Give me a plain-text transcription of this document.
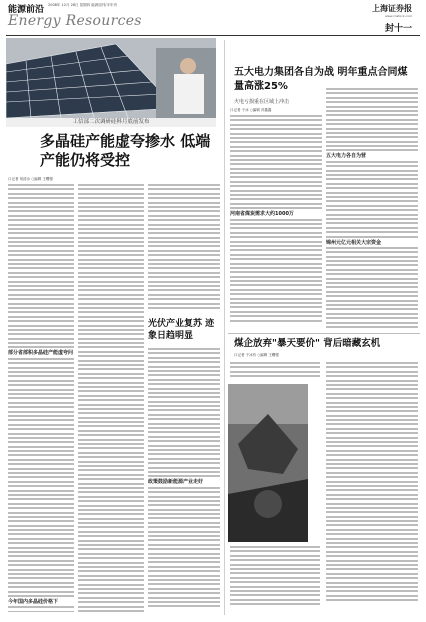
能源前沿 2008年 12月 28日 星期四 能源周刊/半年刊
Energy Resources
上海证券报
www.cnstock.com
封十一
工信部二次调研硅料月底前发布
多晶硅产能虚夸掺水 低端产能仍将受控
口记者 易清水 ○编辑 王曙强
部分省部积多晶硅产能虚夸问
今年国内多晶硅价格下
光伏产业复苏 迹象日趋明显
政策鼓励新能源产业走好
五大电力集团各自为战 明年重点合同煤量高涨25%
火电亏损重在区域上冲击
口记者 于冰 ○编辑 冯鑫鑫
河南省煤炭需求大约1000万
五大电力各自为营
锦州元亿元相关大宗资金
煤企放弃"暴天要价" 背后暗藏玄机
口记者 于冰有 ○编辑 王曙强
